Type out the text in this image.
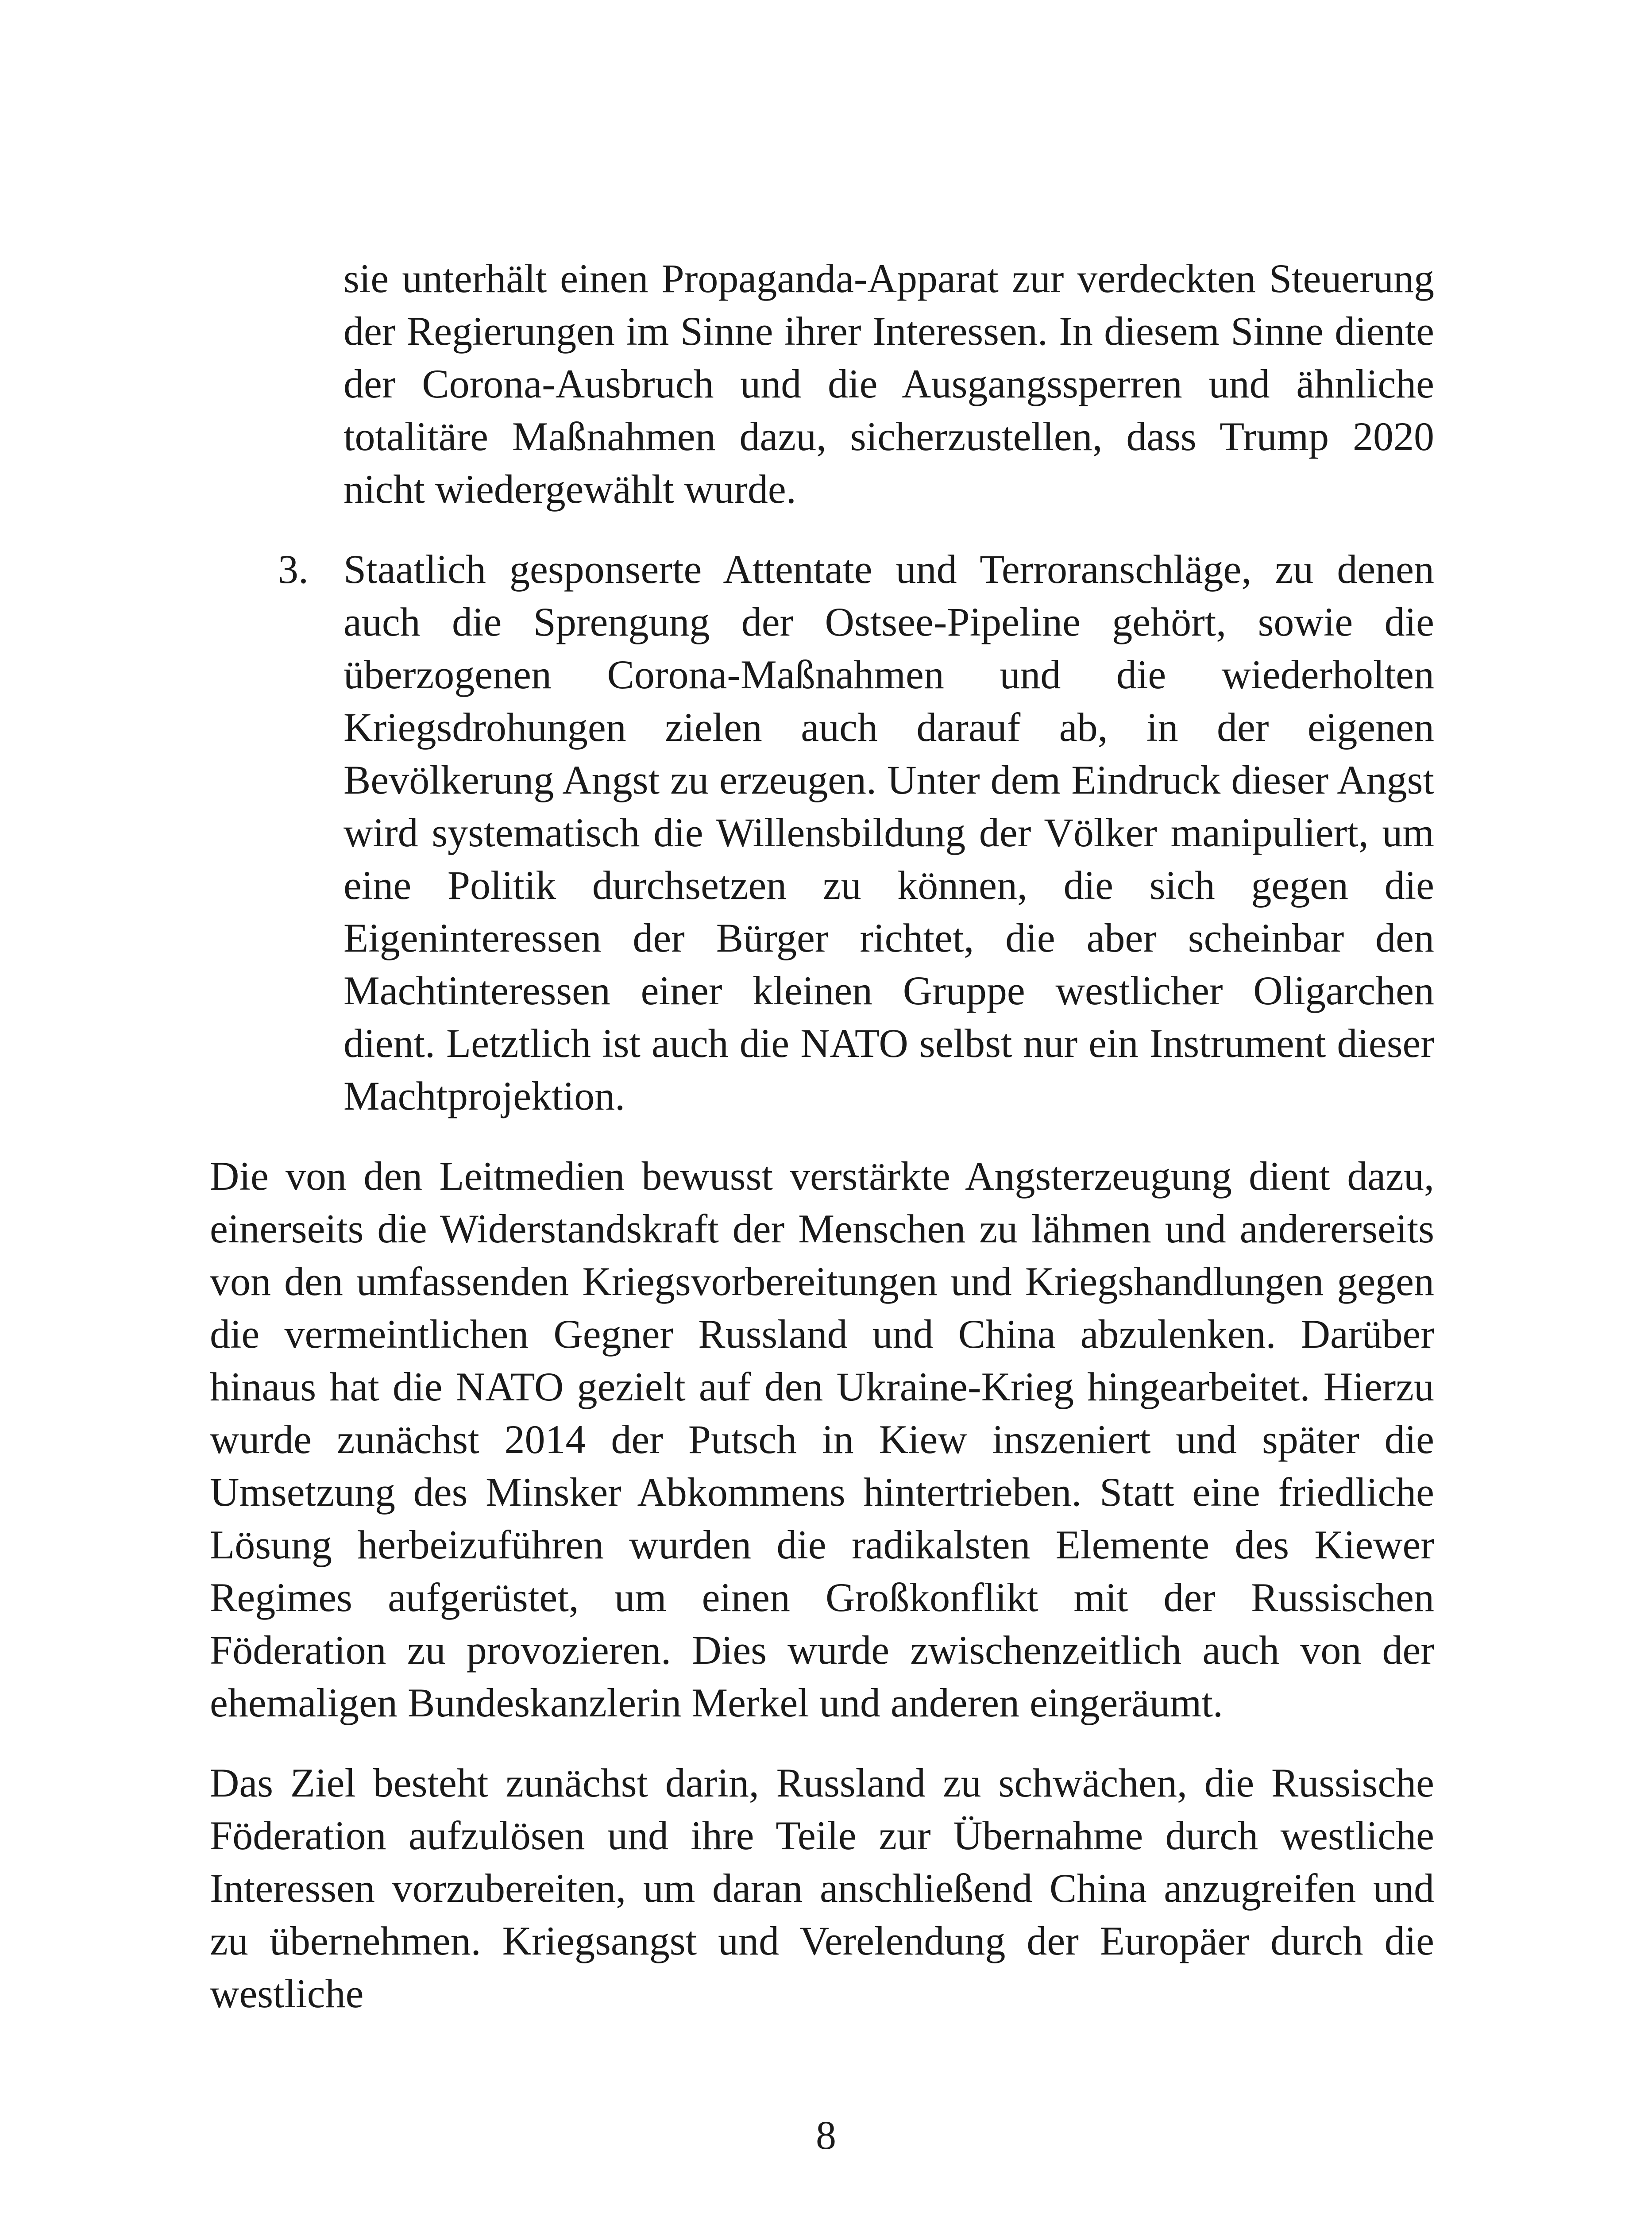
sie unterhält einen Propaganda-Apparat zur verdeckten Steuerung der Regierungen im Sinne ihrer Interessen. In diesem Sinne diente der Corona-Ausbruch und die Ausgangssperren und ähnliche totalitäre Maßnahmen dazu, sicherzustellen, dass Trump 2020 nicht wiedergewählt wurde.

3. Staatlich gesponserte Attentate und Terroranschläge, zu denen auch die Sprengung der Ostsee-Pipeline gehört, sowie die überzogenen Corona-Maßnahmen und die wiederholten Kriegsdrohungen zielen auch darauf ab, in der eigenen Bevölkerung Angst zu erzeugen. Unter dem Eindruck dieser Angst wird systematisch die Willensbildung der Völker manipuliert, um eine Politik durchsetzen zu können, die sich gegen die Eigeninteressen der Bürger richtet, die aber scheinbar den Machtinteressen einer kleinen Gruppe westlicher Oligarchen dient. Letztlich ist auch die NATO selbst nur ein Instrument dieser Machtprojektion.

Die von den Leitmedien bewusst verstärkte Angsterzeugung dient dazu, einerseits die Widerstandskraft der Menschen zu lähmen und andererseits von den umfassenden Kriegsvorbereitungen und Kriegshandlungen gegen die vermeintlichen Gegner Russland und China abzulenken. Darüber hinaus hat die NATO gezielt auf den Ukraine-Krieg hingearbeitet. Hierzu wurde zunächst 2014 der Putsch in Kiew inszeniert und später die Umsetzung des Minsker Abkommens hintertrieben. Statt eine friedliche Lösung herbeizuführen wurden die radikalsten Elemente des Kiewer Regimes aufgerüstet, um einen Großkonflikt mit der Russischen Föderation zu provozieren. Dies wurde zwischenzeitlich auch von der ehemaligen Bundeskanzlerin Merkel und anderen eingeräumt.

Das Ziel besteht zunächst darin, Russland zu schwächen, die Russische Föderation aufzulösen und ihre Teile zur Übernahme durch westliche Interessen vorzubereiten, um daran anschließend China anzugreifen und zu übernehmen. Kriegsangst und Verelendung der Europäer durch die westliche

8
